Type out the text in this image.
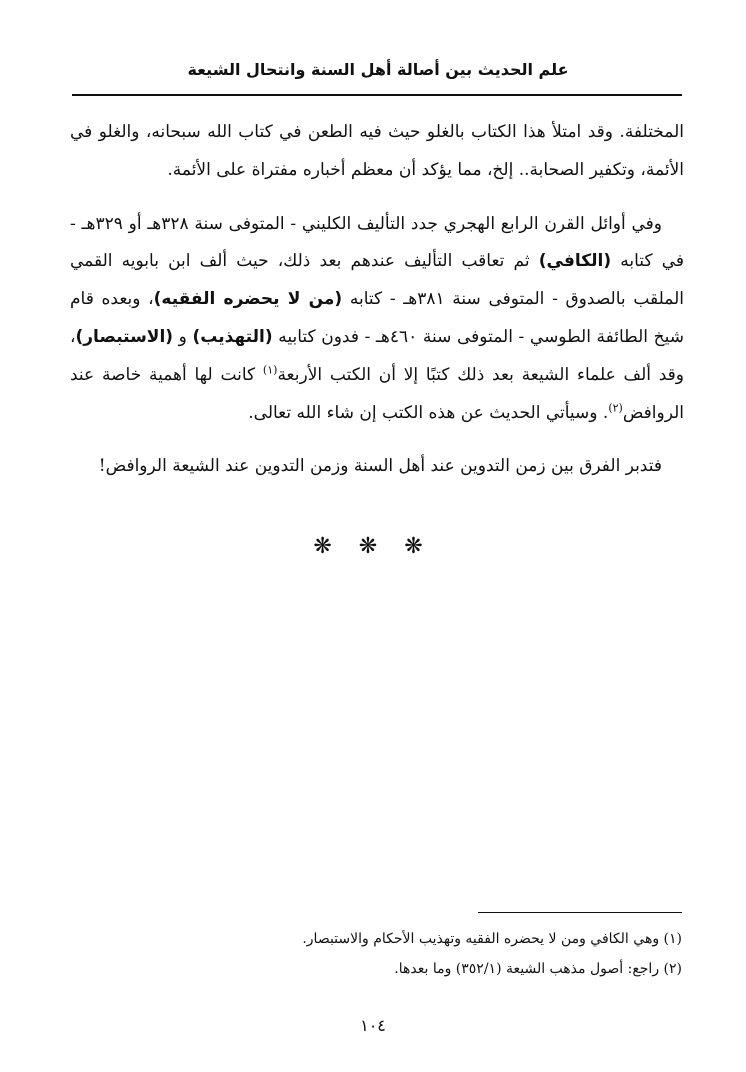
علم الحديث بين أصالة أهل السنة وانتحال الشيعة

المختلفة. وقد امتلأ هذا الكتاب بالغلو حيث فيه الطعن في كتاب الله سبحانه، والغلو في الأئمة، وتكفير الصحابة.. إلخ، مما يؤكد أن معظم أخباره مفتراة على الأئمة.

وفي أوائل القرن الرابع الهجري جدد التأليف الكليني - المتوفى سنة ٣٢٨هـ أو ٣٢٩هـ - في كتابه (الكافي) ثم تعاقب التأليف عندهم بعد ذلك، حيث ألف ابن بابويه القمي الملقب بالصدوق - المتوفى سنة ٣٨١هـ - كتابه (من لا يحضره الفقيه)، وبعده قام شيخ الطائفة الطوسي - المتوفى سنة ٤٦٠هـ - فدون كتابيه (التهذيب) و (الاستبصار)، وقد ألف علماء الشيعة بعد ذلك كتبًا إلا أن الكتب الأربعة$^{(١)}$ كانت لها أهمية خاصة عند الروافض$^{(٢)}$. وسيأتي الحديث عن هذه الكتب إن شاء الله تعالى.

فتدبر الفرق بين زمن التدوين عند أهل السنة وزمن التدوين عند الشيعة الروافض!

❋ ❋ ❋
(١) وهي الكافي ومن لا يحضره الفقيه وتهذيب الأحكام والاستبصار.
(٢) راجع: أصول مذهب الشيعة (٣٥٢/١) وما بعدها.
١٠٤
